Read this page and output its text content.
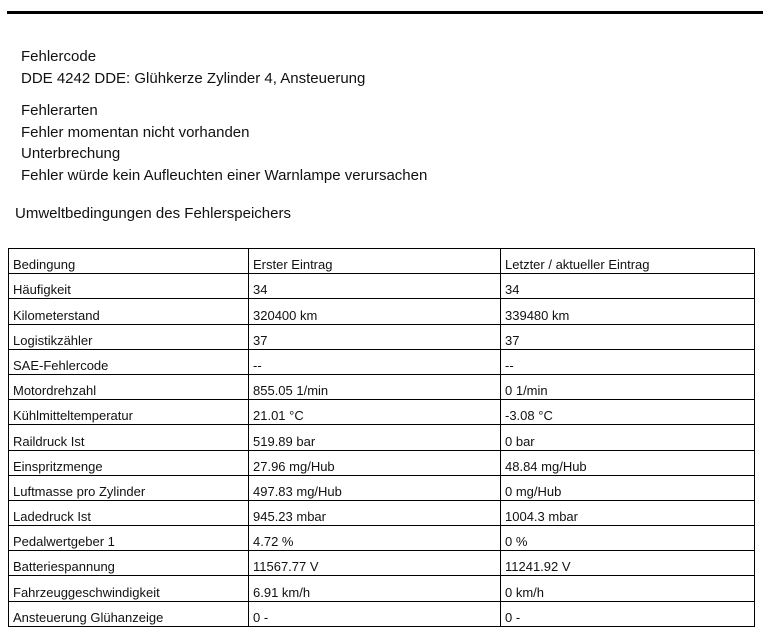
Fehlercode
DDE 4242 DDE: Glühkerze Zylinder 4, Ansteuerung
Fehlerarten
Fehler momentan nicht vorhanden
Unterbrechung
Fehler würde kein Aufleuchten einer Warnlampe verursachen
Umweltbedingungen des Fehlerspeichers
Bedingung	Erster Eintrag	Letzter / aktueller Eintrag
Häufigkeit	34	34
Kilometerstand	320400 km	339480 km
Logistikzähler	37	37
SAE-Fehlercode	--	--
Motordrehzahl	855.05 1/min	0 1/min
Kühlmitteltemperatur	21.01 °C	-3.08 °C
Raildruck Ist	519.89 bar	0 bar
Einspritzmenge	27.96 mg/Hub	48.84 mg/Hub
Luftmasse pro Zylinder	497.83 mg/Hub	0 mg/Hub
Ladedruck Ist	945.23 mbar	1004.3 mbar
Pedalwertgeber 1	4.72 %	0 %
Batteriespannung	11567.77 V	11241.92 V
Fahrzeuggeschwindigkeit	6.91 km/h	0 km/h
Ansteuerung Glühanzeige	0 -	0 -
